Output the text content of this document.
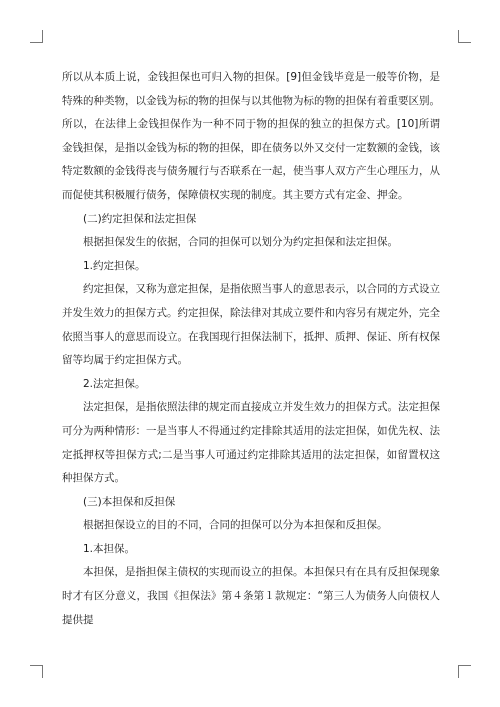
所以从本质上说，金钱担保也可归入物的担保。[9]但金钱毕竟是一般等价物，是特殊的种类物，以金钱为标的物的担保与以其他物为标的物的担保有着重要区别。所以，在法律上金钱担保作为一种不同于物的担保的独立的担保方式。[10]所谓金钱担保，是指以金钱为标的物的担保，即在债务以外又交付一定数额的金钱，该特定数额的金钱得丧与债务履行与否联系在一起，使当事人双方产生心理压力，从而促使其积极履行债务，保障债权实现的制度。其主要方式有定金、押金。

(二)约定担保和法定担保

根据担保发生的依据，合同的担保可以划分为约定担保和法定担保。

1.约定担保。

约定担保，又称为意定担保，是指依照当事人的意思表示，以合同的方式设立并发生效力的担保方式。约定担保，除法律对其成立要件和内容另有规定外，完全依照当事人的意思而设立。在我国现行担保法制下，抵押、质押、保证、所有权保留等均属于约定担保方式。

2.法定担保。

法定担保，是指依照法律的规定而直接成立并发生效力的担保方式。法定担保可分为两种情形：一是当事人不得通过约定排除其适用的法定担保，如优先权、法定抵押权等担保方式;二是当事人可通过约定排除其适用的法定担保，如留置权这种担保方式。

(三)本担保和反担保

根据担保设立的目的不同，合同的担保可以分为本担保和反担保。

1.本担保。

本担保，是指担保主债权的实现而设立的担保。本担保只有在具有反担保现象时才有区分意义，我国《担保法》第４条第１款规定：“第三人为债务人向债权人提供提
